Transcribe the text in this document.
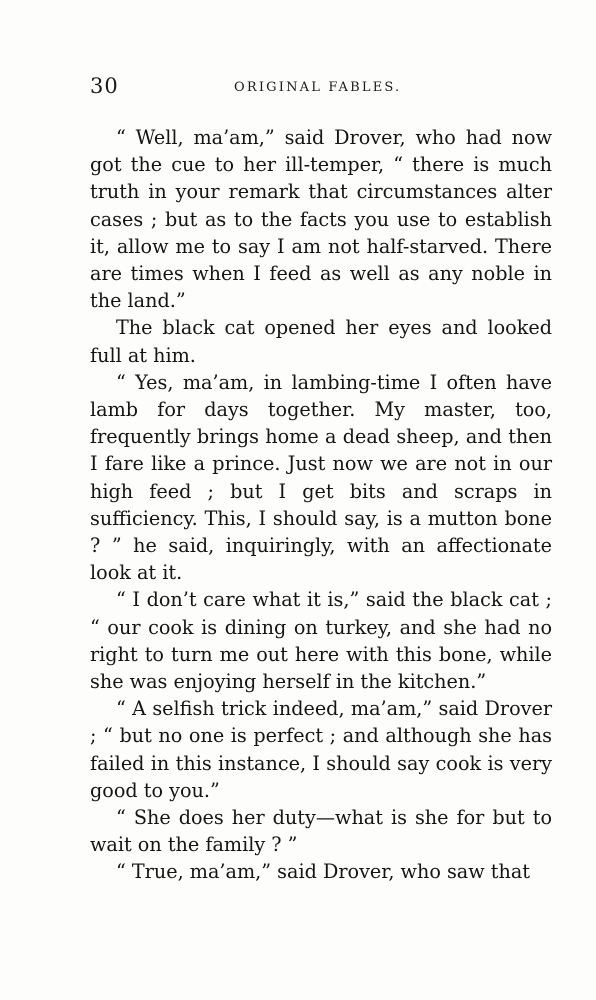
30	ORIGINAL FABLES.

“ Well, ma’am,” said Drover, who had now got the cue to her ill-temper, “ there is much truth in your remark that circumstances alter cases ; but as to the facts you use to establish it, allow me to say I am not half-starved. There are times when I feed as well as any noble in the land.”

The black cat opened her eyes and looked full at him.

“ Yes, ma’am, in lambing-time I often have lamb for days together. My master, too, frequently brings home a dead sheep, and then I fare like a prince. Just now we are not in our high feed ; but I get bits and scraps in sufficiency. This, I should say, is a mutton bone ? ” he said, inquiringly, with an affectionate look at it.

“ I don’t care what it is,” said the black cat ; “ our cook is dining on turkey, and she had no right to turn me out here with this bone, while she was enjoying herself in the kitchen.”

“ A selfish trick indeed, ma’am,” said Drover ; “ but no one is perfect ; and although she has failed in this instance, I should say cook is very good to you.”

“ She does her duty—what is she for but to wait on the family ? ”

“ True, ma’am,” said Drover, who saw that
